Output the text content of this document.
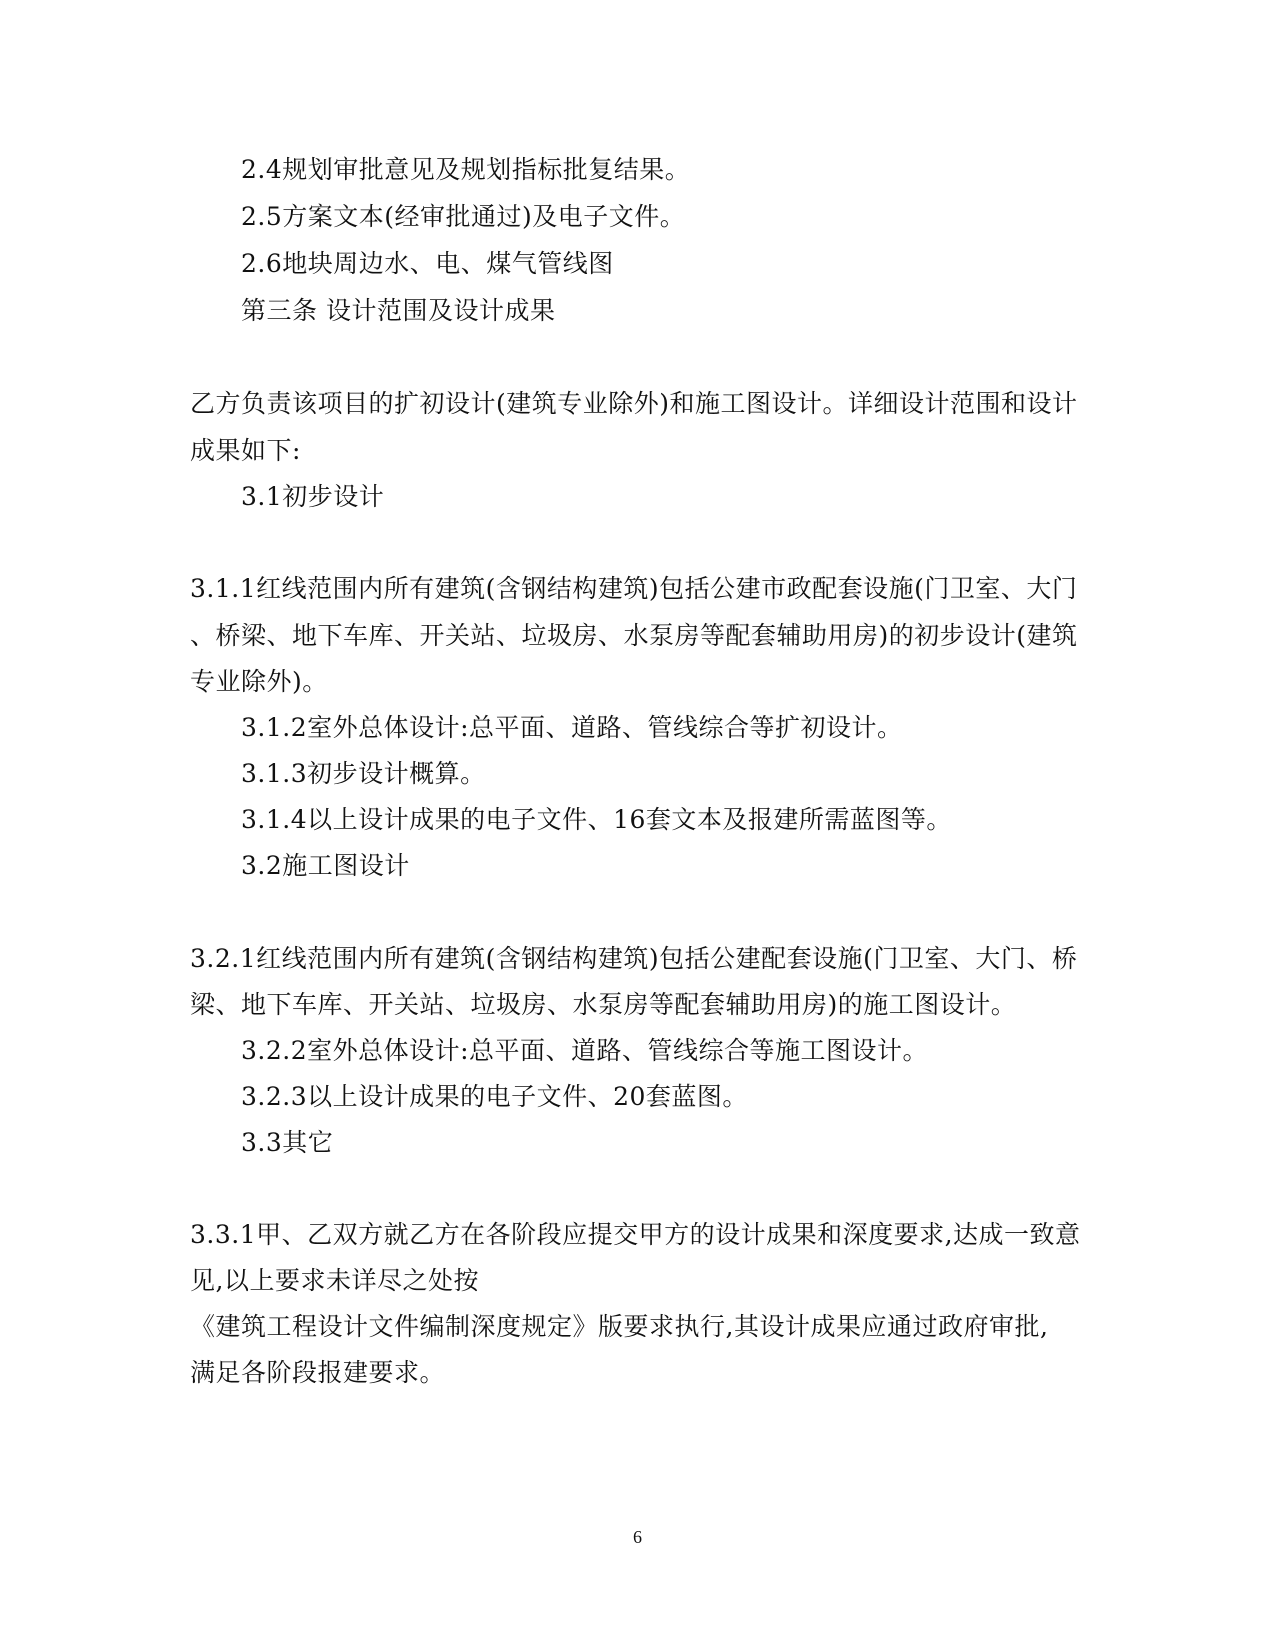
2.4规划审批意见及规划指标批复结果。
2.5方案文本(经审批通过)及电子文件。
2.6地块周边水、电、煤气管线图
第三条 设计范围及设计成果
乙方负责该项目的扩初设计(建筑专业除外)和施工图设计。详细设计范围和设计
成果如下:
3.1初步设计
3.1.1红线范围内所有建筑(含钢结构建筑)包括公建市政配套设施(门卫室、大门
、桥梁、地下车库、开关站、垃圾房、水泵房等配套辅助用房)的初步设计(建筑
专业除外)。
3.1.2室外总体设计:总平面、道路、管线综合等扩初设计。
3.1.3初步设计概算。
3.1.4以上设计成果的电子文件、16套文本及报建所需蓝图等。
3.2施工图设计
3.2.1红线范围内所有建筑(含钢结构建筑)包括公建配套设施(门卫室、大门、桥
梁、地下车库、开关站、垃圾房、水泵房等配套辅助用房)的施工图设计。
3.2.2室外总体设计:总平面、道路、管线综合等施工图设计。
3.2.3以上设计成果的电子文件、20套蓝图。
3.3其它
3.3.1甲、乙双方就乙方在各阶段应提交甲方的设计成果和深度要求,达成一致意
见,以上要求未详尽之处按
《建筑工程设计文件编制深度规定》版要求执行,其设计成果应通过政府审批,
满足各阶段报建要求。
6
